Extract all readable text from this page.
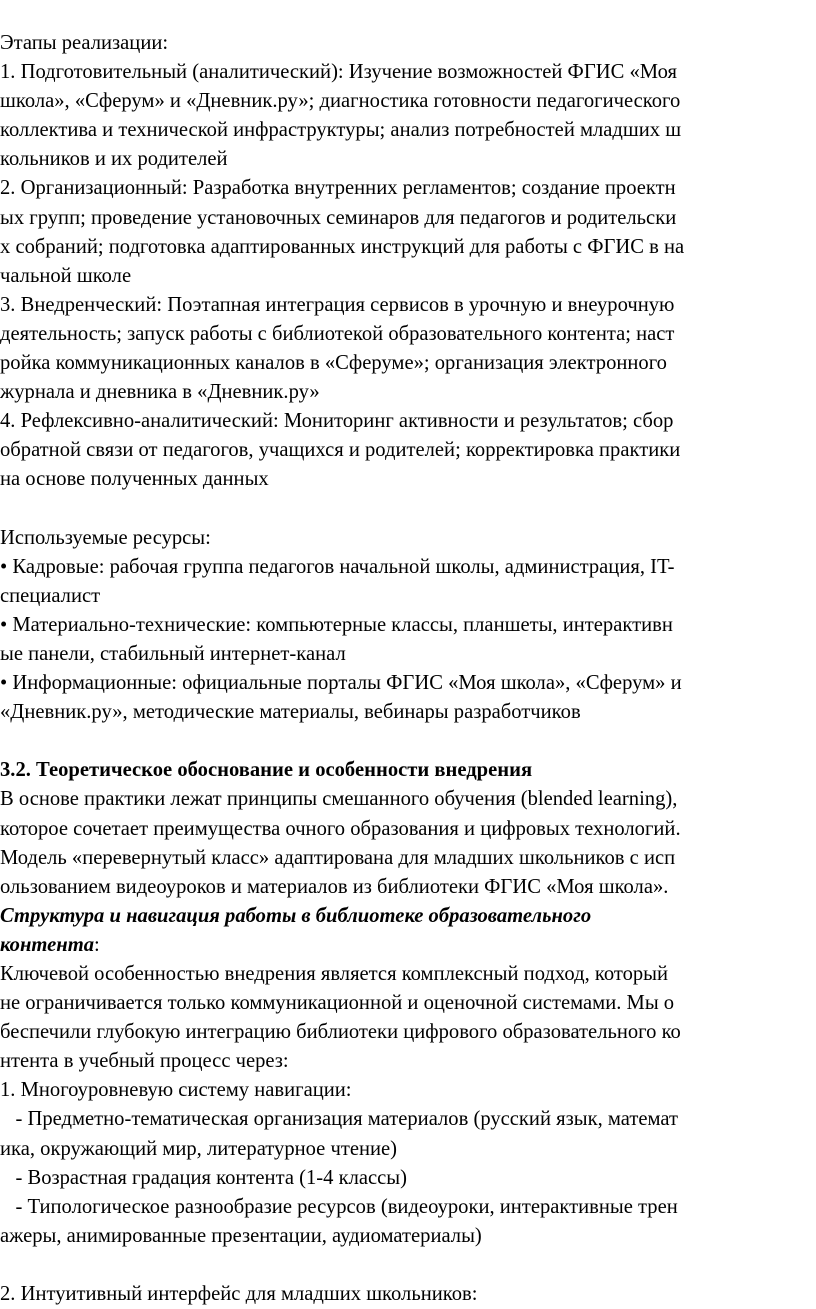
Этапы реализации:
1. Подготовительный (аналитический): Изучение возможностей ФГИС «Моя
школа», «Сферум» и «Дневник.ру»; диагностика готовности педагогического
коллектива и технической инфраструктуры; анализ потребностей младших ш
кольников и их родителей
2. Организационный: Разработка внутренних регламентов; создание проектн
ых групп; проведение установочных семинаров для педагогов и родительски
х собраний; подготовка адаптированных инструкций для работы с ФГИС в на
чальной школе
3. Внедренческий: Поэтапная интеграция сервисов в урочную и внеурочную
деятельность; запуск работы с библиотекой образовательного контента; наст
ройка коммуникационных каналов в «Сферуме»; организация электронного
журнала и дневника в «Дневник.ру»
4. Рефлексивно-аналитический: Мониторинг активности и результатов; сбор
обратной связи от педагогов, учащихся и родителей; корректировка практики
на основе полученных данных
Используемые ресурсы:
• Кадровые: рабочая группа педагогов начальной школы, администрация, IT-
специалист
• Материально-технические: компьютерные классы, планшеты, интерактивн
ые панели, стабильный интернет-канал
• Информационные: официальные порталы ФГИС «Моя школа», «Сферум» и
«Дневник.ру», методические материалы, вебинары разработчиков
3.2. Теоретическое обоснование и особенности внедрения
В основе практики лежат принципы смешанного обучения (blended learning),
которое сочетает преимущества очного образования и цифровых технологий.
Модель «перевернутый класс» адаптирована для младших школьников с исп
ользованием видеоуроков и материалов из библиотеки ФГИС «Моя школа».
Структура и навигация работы в библиотеке образовательного
контента:
Ключевой особенностью внедрения является комплексный подход, который
не ограничивается только коммуникационной и оценочной системами. Мы о
беспечили глубокую интеграцию библиотеки цифрового образовательного ко
нтента в учебный процесс через:
1. Многоуровневую систему навигации:
- Предметно-тематическая организация материалов (русский язык, математ
ика, окружающий мир, литературное чтение)
- Возрастная градация контента (1-4 классы)
- Типологическое разнообразие ресурсов (видеоуроки, интерактивные трен
ажеры, анимированные презентации, аудиоматериалы)
2. Интуитивный интерфейс для младших школьников:
